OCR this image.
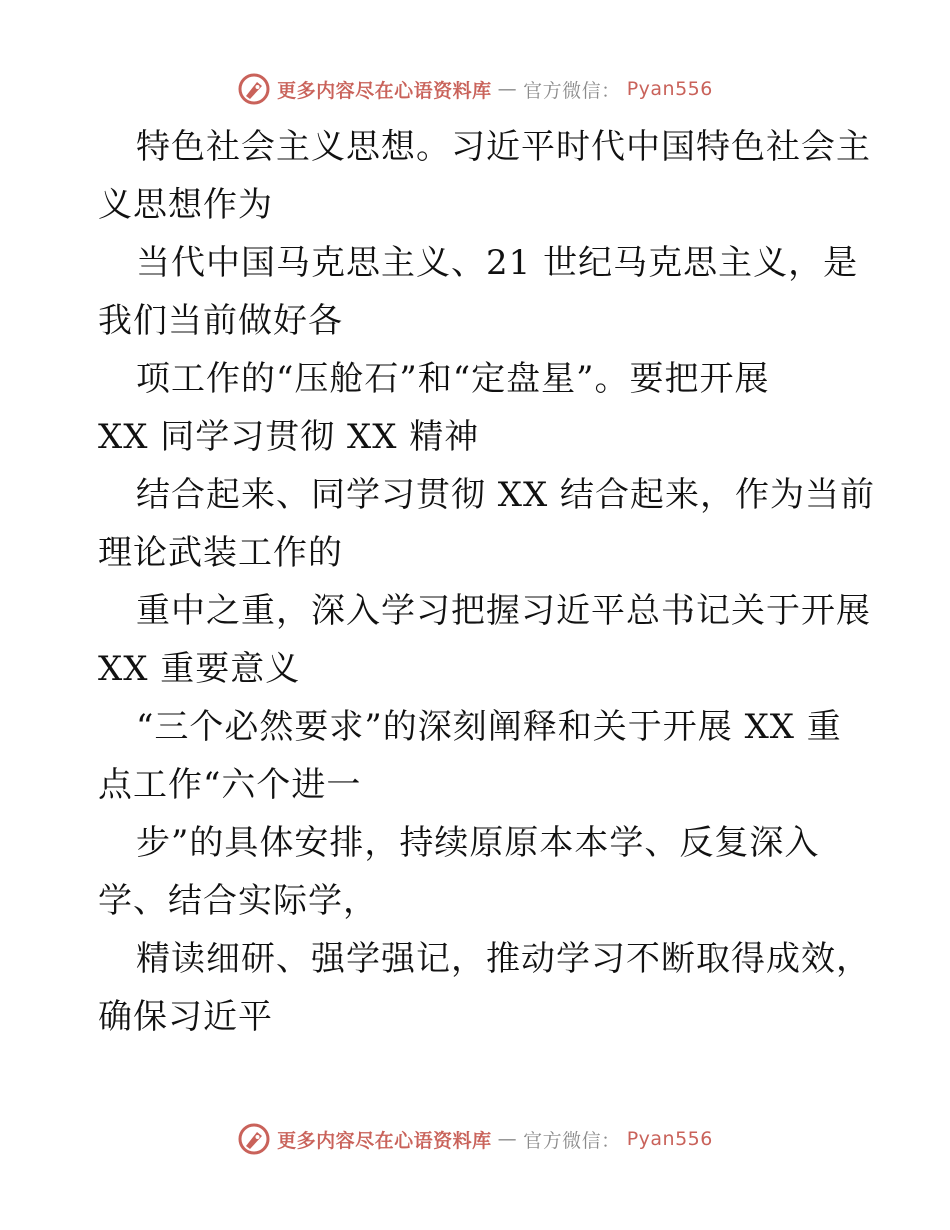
更多内容尽在心语资料库 — 官方微信： Pyan556
特色社会主义思想。习近平时代中国特色社会主
义思想作为
当代中国马克思主义、21 世纪马克思主义，是
我们当前做好各
项工作的“压舱石”和“定盘星”。要把开展
XX 同学习贯彻 XX 精神
结合起来、同学习贯彻 XX 结合起来，作为当前
理论武装工作的
重中之重，深入学习把握习近平总书记关于开展
XX 重要意义
“三个必然要求”的深刻阐释和关于开展 XX 重
点工作“六个进一
步”的具体安排，持续原原本本学、反复深入
学、结合实际学，
精读细研、强学强记，推动学习不断取得成效，
确保习近平
更多内容尽在心语资料库 — 官方微信： Pyan556
